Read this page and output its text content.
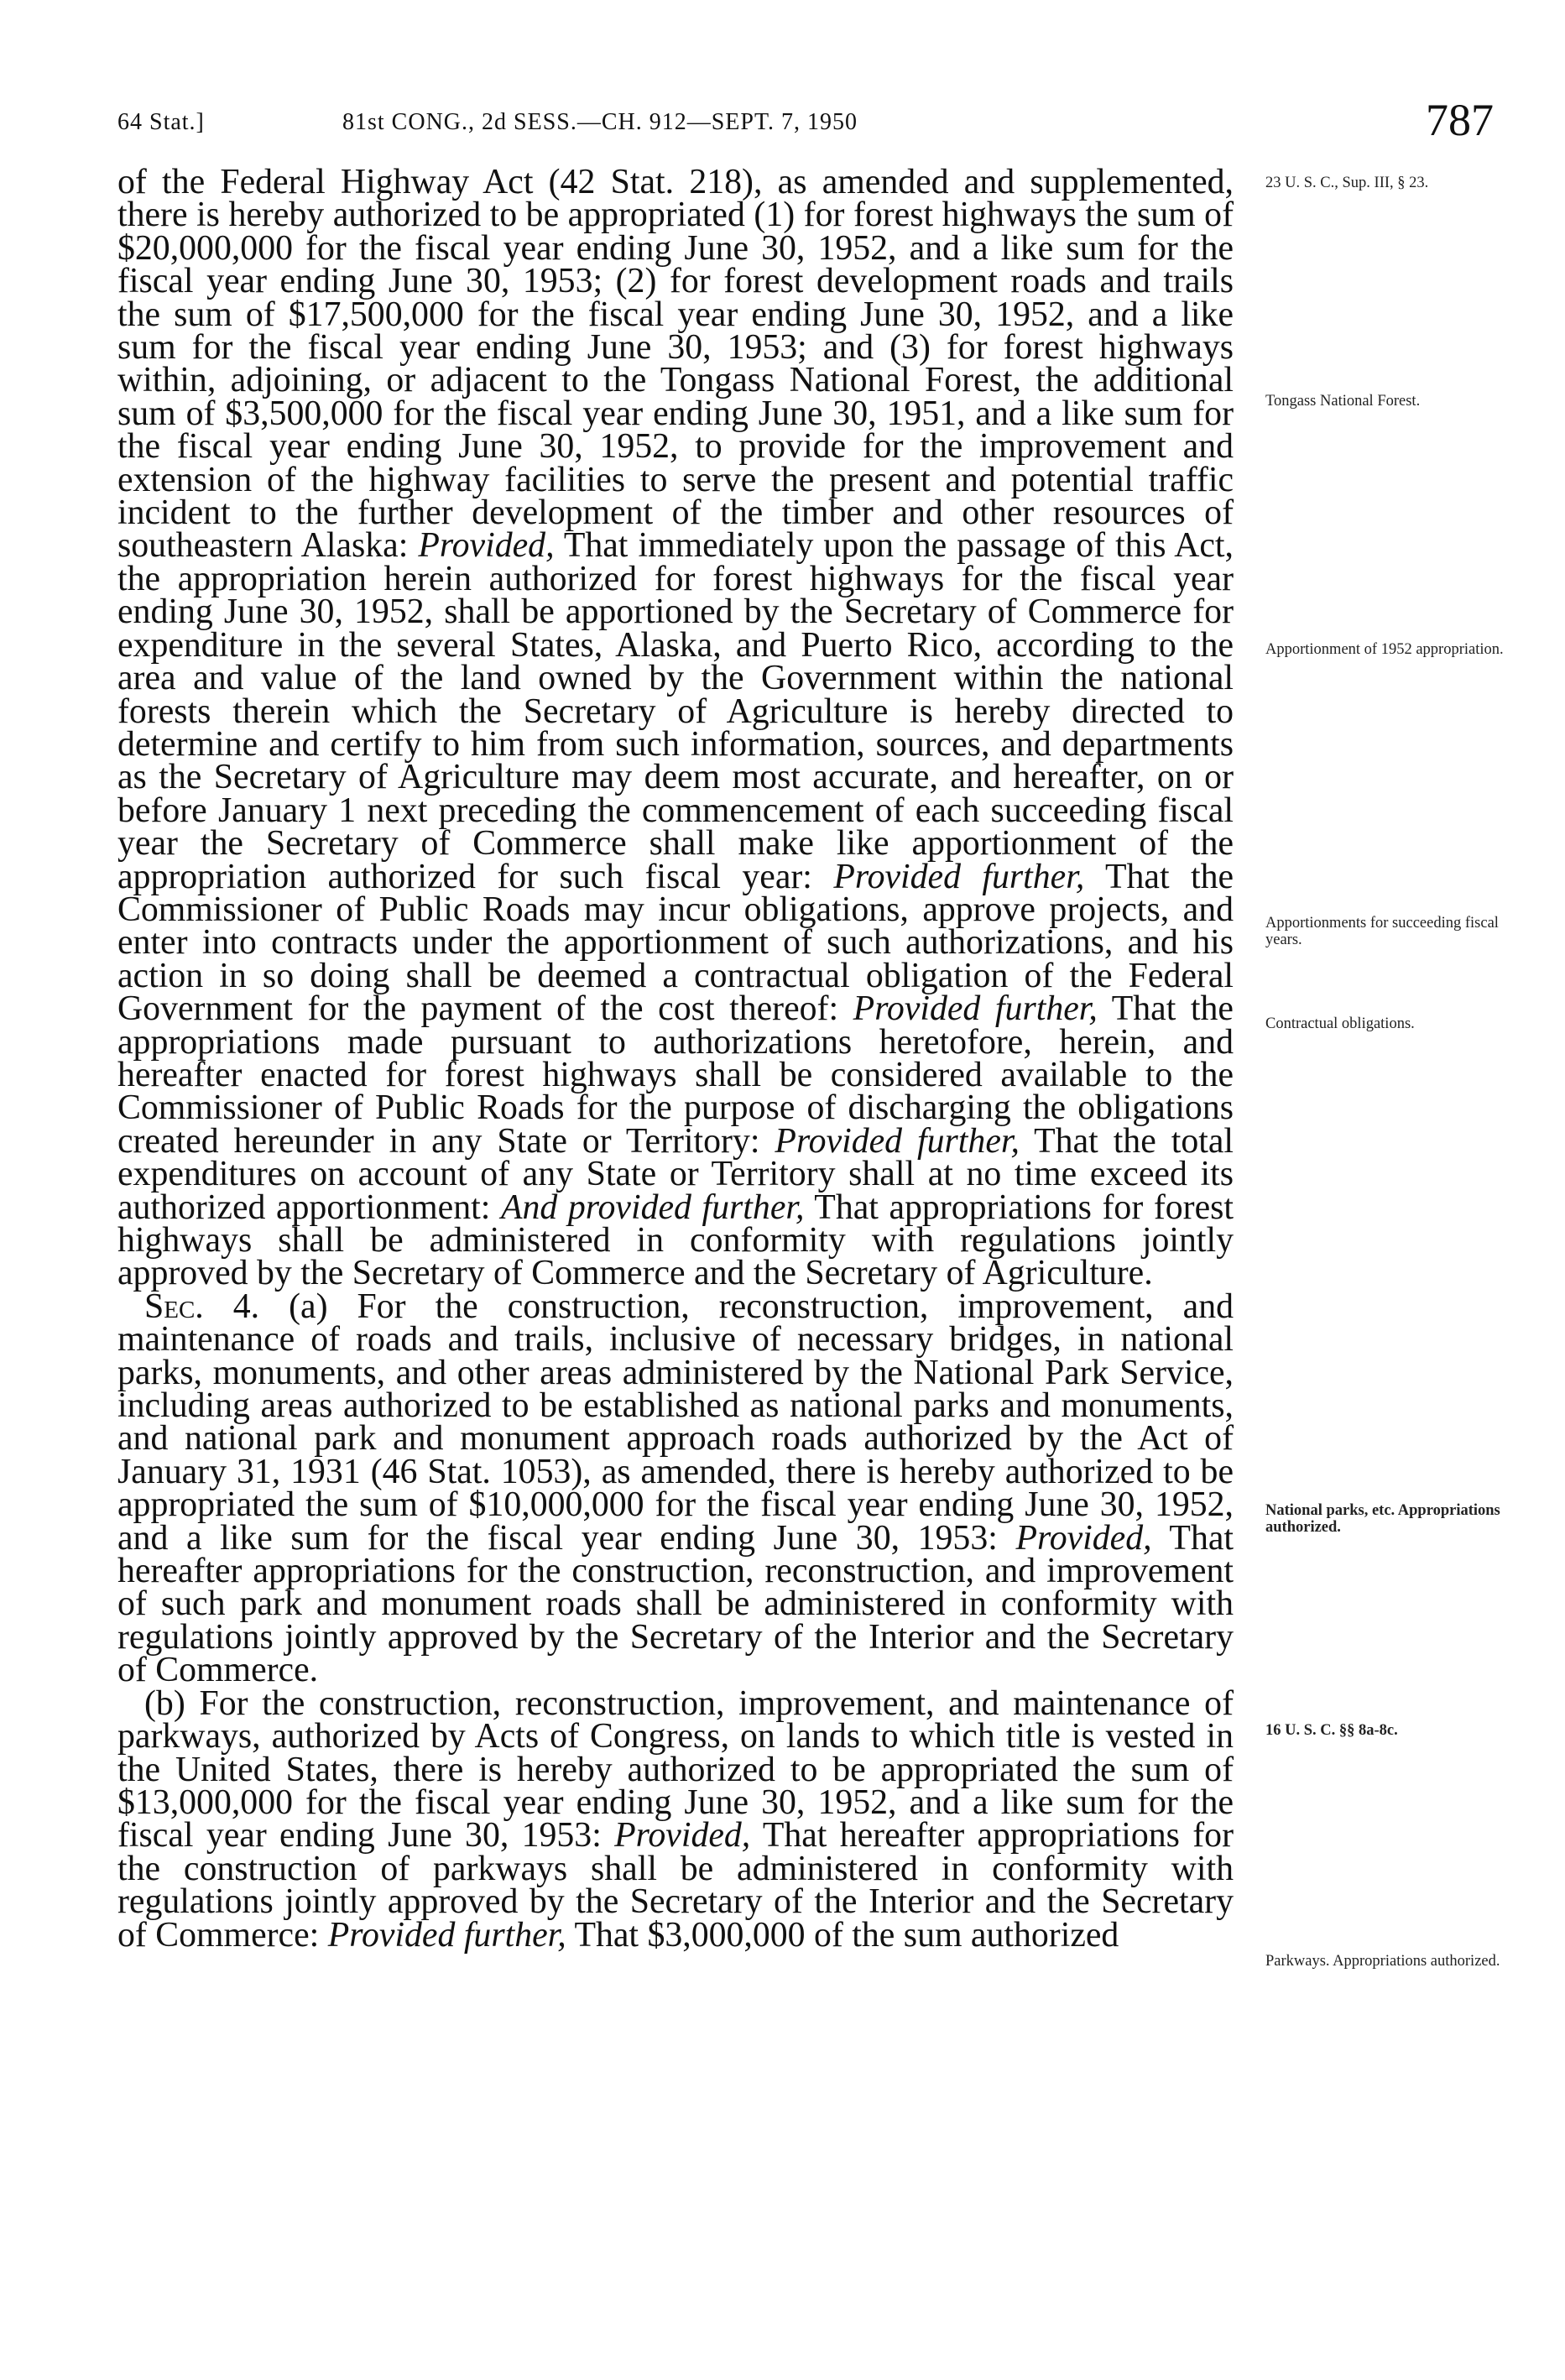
64 Stat.]	81st CONG., 2d SESS.—CH. 912—SEPT. 7, 1950	787

of the Federal Highway Act (42 Stat. 218), as amended and supplemented, there is hereby authorized to be appropriated (1) for forest highways the sum of $20,000,000 for the fiscal year ending June 30, 1952, and a like sum for the fiscal year ending June 30, 1953; (2) for forest development roads and trails the sum of $17,500,000 for the fiscal year ending June 30, 1952, and a like sum for the fiscal year ending June 30, 1953; and (3) for forest highways within, adjoining, or adjacent to the Tongass National Forest, the additional sum of $3,500,000 for the fiscal year ending June 30, 1951, and a like sum for the fiscal year ending June 30, 1952, to provide for the improvement and extension of the highway facilities to serve the present and potential traffic incident to the further development of the timber and other resources of southeastern Alaska: Provided, That immediately upon the passage of this Act, the appropriation herein authorized for forest highways for the fiscal year ending June 30, 1952, shall be apportioned by the Secretary of Commerce for expenditure in the several States, Alaska, and Puerto Rico, according to the area and value of the land owned by the Government within the national forests therein which the Secretary of Agriculture is hereby directed to determine and certify to him from such information, sources, and departments as the Secretary of Agriculture may deem most accurate, and hereafter, on or before January 1 next preceding the commencement of each succeeding fiscal year the Secretary of Commerce shall make like apportionment of the appropriation authorized for such fiscal year: Provided further, That the Commissioner of Public Roads may incur obligations, approve projects, and enter into contracts under the apportionment of such authorizations, and his action in so doing shall be deemed a contractual obligation of the Federal Government for the payment of the cost thereof: Provided further, That the appropriations made pursuant to authorizations heretofore, herein, and hereafter enacted for forest highways shall be considered available to the Commissioner of Public Roads for the purpose of discharging the obligations created hereunder in any State or Territory: Provided further, That the total expenditures on account of any State or Territory shall at no time exceed its authorized apportionment: And provided further, That appropriations for forest highways shall be administered in conformity with regulations jointly approved by the Secretary of Commerce and the Secretary of Agriculture.

Sec. 4. (a) For the construction, reconstruction, improvement, and maintenance of roads and trails, inclusive of necessary bridges, in national parks, monuments, and other areas administered by the National Park Service, including areas authorized to be established as national parks and monuments, and national park and monument approach roads authorized by the Act of January 31, 1931 (46 Stat. 1053), as amended, there is hereby authorized to be appropriated the sum of $10,000,000 for the fiscal year ending June 30, 1952, and a like sum for the fiscal year ending June 30, 1953: Provided, That hereafter appropriations for the construction, reconstruction, and improvement of such park and monument roads shall be administered in conformity with regulations jointly approved by the Secretary of the Interior and the Secretary of Commerce.

(b) For the construction, reconstruction, improvement, and maintenance of parkways, authorized by Acts of Congress, on lands to which title is vested in the United States, there is hereby authorized to be appropriated the sum of $13,000,000 for the fiscal year ending June 30, 1952, and a like sum for the fiscal year ending June 30, 1953: Provided, That hereafter appropriations for the construction of parkways shall be administered in conformity with regulations jointly approved by the Secretary of the Interior and the Secretary of Commerce: Provided further, That $3,000,000 of the sum authorized

23 U. S. C., Sup. III, § 23.
Tongass National Forest.
Apportionment of 1952 appropriation.
Apportionments for succeeding fiscal years.
Contractual obligations.
National parks, etc. Appropriations authorized.
16 U. S. C. §§ 8a-8c.
Parkways. Appropriations authorized.
